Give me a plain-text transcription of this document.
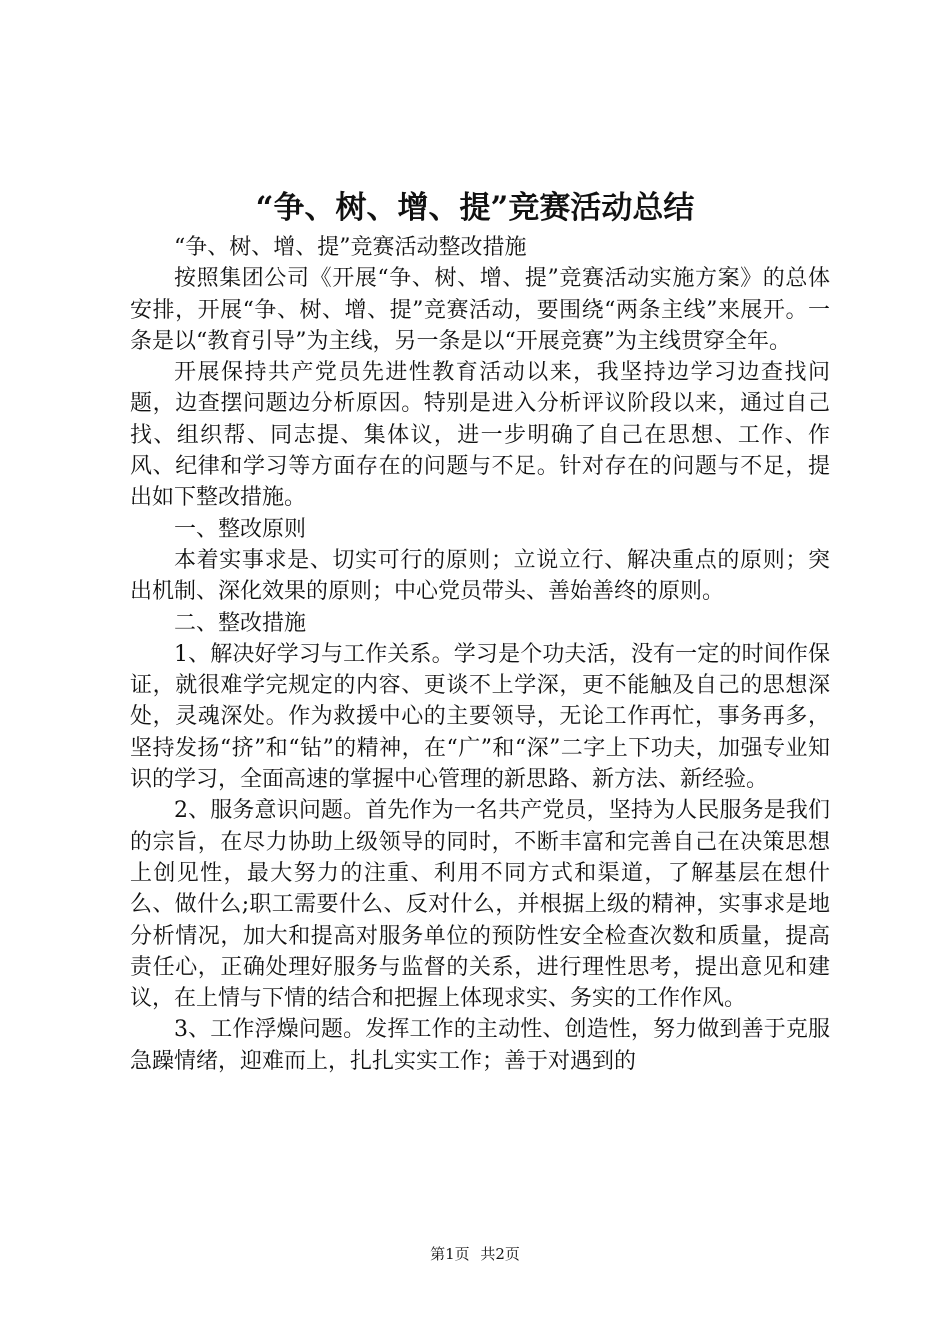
“争、树、增、提”竞赛活动总结

“争、树、增、提”竞赛活动整改措施

按照集团公司《开展“争、树、增、提”竞赛活动实施方案》的总体安排，开展“争、树、增、提”竞赛活动，要围绕“两条主线”来展开。一条是以“教育引导”为主线，另一条是以“开展竞赛”为主线贯穿全年。

开展保持共产党员先进性教育活动以来，我坚持边学习边查找问题，边查摆问题边分析原因。特别是进入分析评议阶段以来，通过自己找、组织帮、同志提、集体议，进一步明确了自己在思想、工作、作风、纪律和学习等方面存在的问题与不足。针对存在的问题与不足，提出如下整改措施。

一、整改原则

本着实事求是、切实可行的原则；立说立行、解决重点的原则；突出机制、深化效果的原则；中心党员带头、善始善终的原则。

二、整改措施

1、解决好学习与工作关系。学习是个功夫活，没有一定的时间作保证，就很难学完规定的内容、更谈不上学深，更不能触及自己的思想深处，灵魂深处。作为救援中心的主要领导，无论工作再忙，事务再多，坚持发扬“挤”和“钻”的精神，在“广”和“深”二字上下功夫，加强专业知识的学习，全面高速的掌握中心管理的新思路、新方法、新经验。

2、服务意识问题。首先作为一名共产党员，坚持为人民服务是我们的宗旨，在尽力协助上级领导的同时，不断丰富和完善自己在决策思想上创见性，最大努力的注重、利用不同方式和渠道，了解基层在想什么、做什么;职工需要什么、反对什么，并根据上级的精神，实事求是地分析情况，加大和提高对服务单位的预防性安全检查次数和质量，提高责任心，正确处理好服务与监督的关系，进行理性思考，提出意见和建议，在上情与下情的结合和把握上体现求实、务实的工作作风。

3、工作浮燥问题。发挥工作的主动性、创造性，努力做到善于克服急躁情绪，迎难而上，扎扎实实工作；善于对遇到的

第1页 共2页
